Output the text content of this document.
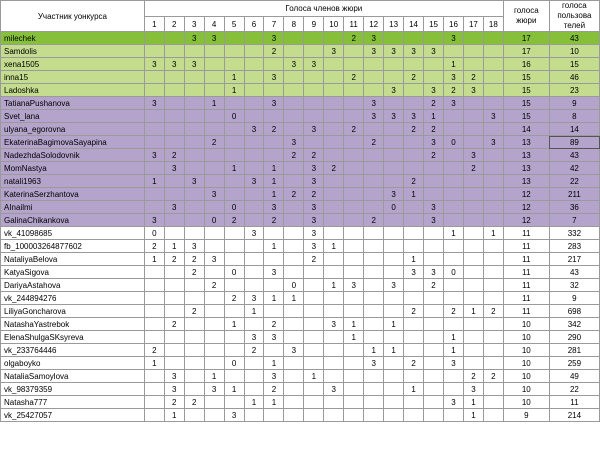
Участник уонкурса	Голоса членов жюри																		голоса жюри	голоса пользова телей
	1	2	3	4	5	6	7	8	9	10	11	12	13	14	15	16	17	18		
milechek			3	3			3				2	3				3			17	43
Samdolis							2			3		3	3	3	3				17	10
xena1505	3	3	3					3	3							1			16	15
inna15					1		3				2			2		3	2		15	46
Ladoshka					1								3		3	2	3		15	23
TatianaPushanova	3			1			3					3			2	3			15	9
Svet_lana					0							3	3	3	1			3	15	8
ulyana_egorovna						3	2		3		2			2	2				14	14
EkaterinaBagimovaSayapina				2				3				2			3	0		3	13	89
NadezhdaSolodovnik	3	2						2	2						2		3		13	43
MomNastya		3			1		1		3	2							2		13	42
natali1963	1		3			3	1		3					2					13	22
KaterinaSerzhantova				3			1	2	2				3	1					12	211
AInailmi		3			0		3		3				0		3				12	36
GalinaChikankova	3			0	2		2		3			2			3				12	7
vk_41098685	0					3			3							1		1	11	332
fb_100003264877602	2	1	3				1		3	1									11	283
NataliyaBelova	1	2	2	3					2					1					11	217
KatyaSigova			2		0		3							3	3	0			11	43
DariyaAstahova				2				0		1	3		3		2				11	32
vk_244894276					2	3	1	1											11	9
LiliyaGoncharova			2			1								2		2	1	2	11	698
NatashaYastrebok		2			1		2			3	1		1						10	342
ElenaShulgaSKsyreva						3	3				1					1			10	290
vk_233764446	2					2		3				1	1			1			10	281
olgaboyko	1				0		1					3		2		3			10	259
NataliaSamoylova		3		1			3		1								2	2	10	49
vk_98379359		3		3	1		2			3				1			3		10	22
Natasha777		2	2			1	1									3	1		10	11
vk_25427057		1			3												1		9	214
